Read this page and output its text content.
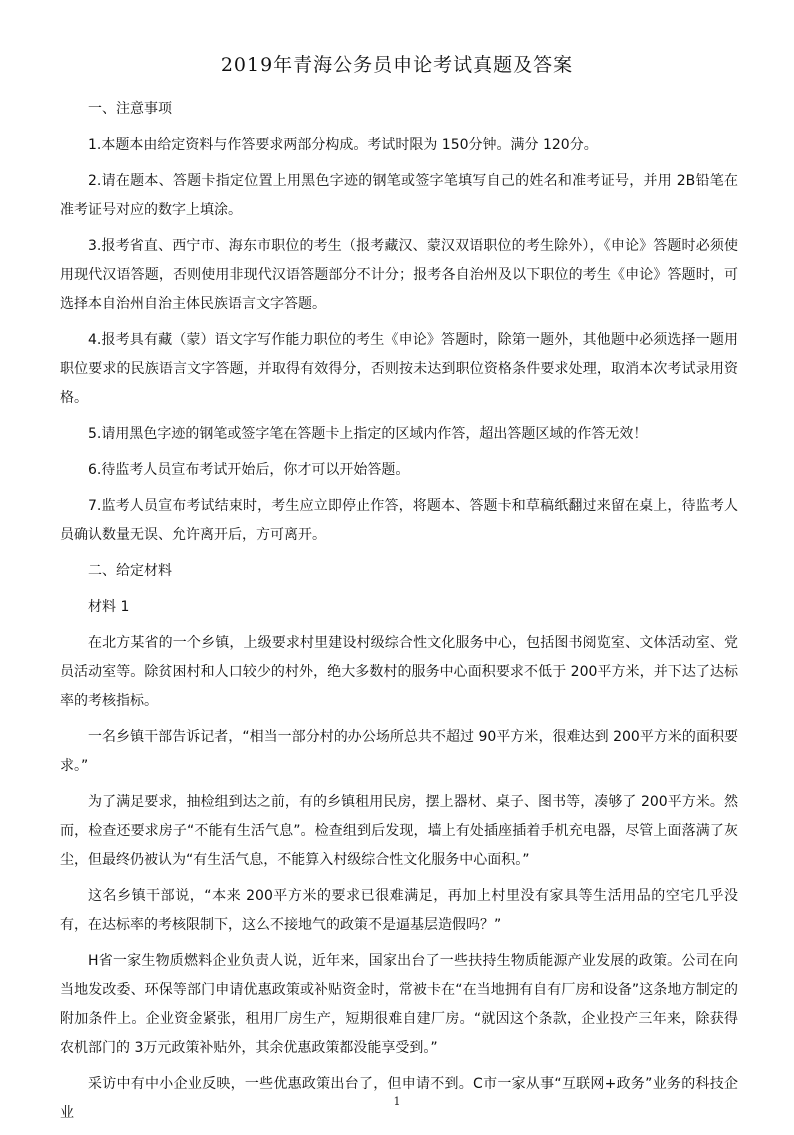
2019年青海公务员申论考试真题及答案

一、注意事项

1.本题本由给定资料与作答要求两部分构成。考试时限为 150分钟。满分 120分。

2.请在题本、答题卡指定位置上用黑色字迹的钢笔或签字笔填写自己的姓名和准考证号，并用 2B铅笔在准考证号对应的数字上填涂。

3.报考省直、西宁市、海东市职位的考生（报考藏汉、蒙汉双语职位的考生除外），《申论》答题时必须使用现代汉语答题，否则使用非现代汉语答题部分不计分；报考各自治州及以下职位的考生《申论》答题时，可选择本自治州自治主体民族语言文字答题。

4.报考具有藏（蒙）语文字写作能力职位的考生《申论》答题时，除第一题外，其他题中必须选择一题用职位要求的民族语言文字答题，并取得有效得分，否则按未达到职位资格条件要求处理，取消本次考试录用资格。

5.请用黑色字迹的钢笔或签字笔在答题卡上指定的区域内作答，超出答题区域的作答无效！

6.待监考人员宣布考试开始后，你才可以开始答题。

7.监考人员宣布考试结束时，考生应立即停止作答，将题本、答题卡和草稿纸翻过来留在桌上，待监考人员确认数量无误、允许离开后，方可离开。

二、给定材料

材料 1

在北方某省的一个乡镇，上级要求村里建设村级综合性文化服务中心，包括图书阅览室、文体活动室、党员活动室等。除贫困村和人口较少的村外，绝大多数村的服务中心面积要求不低于 200平方米，并下达了达标率的考核指标。

一名乡镇干部告诉记者，“相当一部分村的办公场所总共不超过 90平方米，很难达到 200平方米的面积要求。”

为了满足要求，抽检组到达之前，有的乡镇租用民房，摆上器材、桌子、图书等，凑够了 200平方米。然而，检查还要求房子“不能有生活气息”。检查组到后发现，墙上有处插座插着手机充电器，尽管上面落满了灰尘，但最终仍被认为“有生活气息，不能算入村级综合性文化服务中心面积。”

这名乡镇干部说，“本来 200平方米的要求已很难满足，再加上村里没有家具等生活用品的空宅几乎没有，在达标率的考核限制下，这么不接地气的政策不是逼基层造假吗？”

H省一家生物质燃料企业负责人说，近年来，国家出台了一些扶持生物质能源产业发展的政策。公司在向当地发改委、环保等部门申请优惠政策或补贴资金时，常被卡在“在当地拥有自有厂房和设备”这条地方制定的附加条件上。企业资金紧张，租用厂房生产，短期很难自建厂房。“就因这个条款，企业投产三年来，除获得农机部门的 3万元政策补贴外，其余优惠政策都没能享受到。”

采访中有中小企业反映，一些优惠政策出台了，但申请不到。C市一家从事“互联网+政务”业务的科技企业

1
